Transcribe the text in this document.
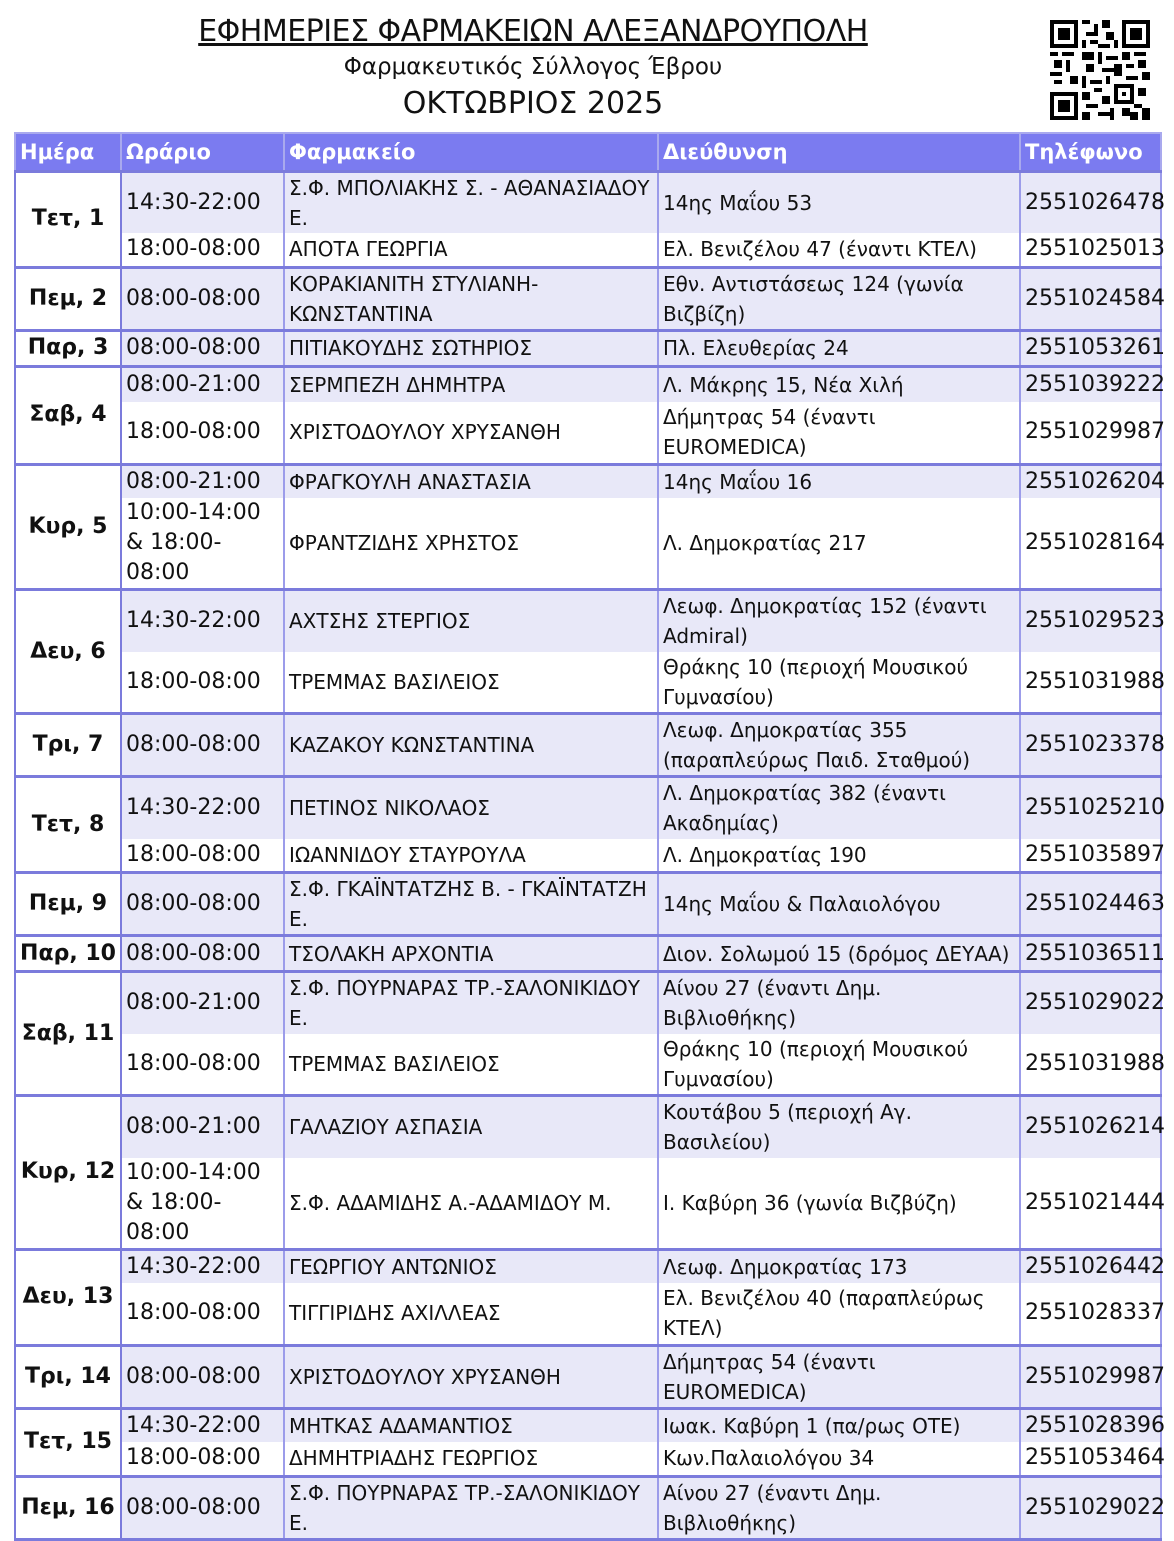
ΕΦΗΜΕΡΙΕΣ ΦΑΡΜΑΚΕΙΩΝ ΑΛΕΞΑΝΔΡΟΥΠΟΛΗ
Φαρμακευτικός Σύλλογος Έβρου
ΟΚΤΩΒΡΙΟΣ 2025
Ημέρα	Ωράριο	Φαρμακείο	Διεύθυνση	Τηλέφωνο
Τετ, 1	14:30-22:00	Σ.Φ. ΜΠΟΛΙΑΚΗΣ Σ. - ΑΘΑΝΑΣΙΑΔΟΥ Ε.	14ης Μαΐου 53	2551026478
	18:00-08:00	ΑΠΟΤΑ ΓΕΩΡΓΙΑ	Ελ. Βενιζέλου 47 (έναντι ΚΤΕΛ)	2551025013
Πεμ, 2	08:00-08:00	ΚΟΡΑΚΙΑΝΙΤΗ ΣΤΥΛΙΑΝΗ-ΚΩΝΣΤΑΝΤΙΝΑ	Εθν. Αντιστάσεως 124 (γωνία Βιζβίζη)	2551024584
Παρ, 3	08:00-08:00	ΠΙΤΙΑΚΟΥΔΗΣ ΣΩΤΗΡΙΟΣ	Πλ. Ελευθερίας 24	2551053261
Σαβ, 4	08:00-21:00	ΣΕΡΜΠΕΖΗ ΔΗΜΗΤΡΑ	Λ. Μάκρης 15, Νέα Χιλή	2551039222
	18:00-08:00	ΧΡΙΣΤΟΔΟΥΛΟΥ ΧΡΥΣΑΝΘΗ	Δήμητρας 54 (έναντι EUROMEDICA)	2551029987
Κυρ, 5	08:00-21:00	ΦΡΑΓΚΟΥΛΗ ΑΝΑΣΤΑΣΙΑ	14ης Μαΐου 16	2551026204
	10:00-14:00 & 18:00-08:00	ΦΡΑΝΤΖΙΔΗΣ ΧΡΗΣΤΟΣ	Λ. Δημοκρατίας 217	2551028164
Δευ, 6	14:30-22:00	ΑΧΤΣΗΣ ΣΤΕΡΓΙΟΣ	Λεωφ. Δημοκρατίας 152 (έναντι Admiral)	2551029523
	18:00-08:00	ΤΡΕΜΜΑΣ ΒΑΣΙΛΕΙΟΣ	Θράκης 10 (περιοχή Μουσικού Γυμνασίου)	2551031988
Τρι, 7	08:00-08:00	ΚΑΖΑΚΟΥ ΚΩΝΣΤΑΝΤΙΝΑ	Λεωφ. Δημοκρατίας 355 (παραπλεύρως Παιδ. Σταθμού)	2551023378
Τετ, 8	14:30-22:00	ΠΕΤΙΝΟΣ ΝΙΚΟΛΑΟΣ	Λ. Δημοκρατίας 382 (έναντι Ακαδημίας)	2551025210
	18:00-08:00	ΙΩΑΝΝΙΔΟΥ ΣΤΑΥΡΟΥΛΑ	Λ. Δημοκρατίας 190	2551035897
Πεμ, 9	08:00-08:00	Σ.Φ. ΓΚΑΪΝΤΑΤΖΗΣ Β. - ΓΚΑΪΝΤΑΤΖΗ Ε.	14ης Μαΐου & Παλαιολόγου	2551024463
Παρ, 10	08:00-08:00	ΤΣΟΛΑΚΗ ΑΡΧΟΝΤΙΑ	Διον. Σολωμού 15 (δρόμος ΔΕΥΑΑ)	2551036511
Σαβ, 11	08:00-21:00	Σ.Φ. ΠΟΥΡΝΑΡΑΣ ΤΡ.-ΣΑΛΟΝΙΚΙΔΟΥ Ε.	Αίνου 27 (έναντι Δημ. Βιβλιοθήκης)	2551029022
	18:00-08:00	ΤΡΕΜΜΑΣ ΒΑΣΙΛΕΙΟΣ	Θράκης 10 (περιοχή Μουσικού Γυμνασίου)	2551031988
Κυρ, 12	08:00-21:00	ΓΑΛΑΖΙΟΥ ΑΣΠΑΣΙΑ	Κουτάβου 5 (περιοχή Αγ. Βασιλείου)	2551026214
	10:00-14:00 & 18:00-08:00	Σ.Φ. ΑΔΑΜΙΔΗΣ Α.-ΑΔΑΜΙΔΟΥ Μ.	Ι. Καβύρη 36 (γωνία Βιζβύζη)	2551021444
Δευ, 13	14:30-22:00	ΓΕΩΡΓΙΟΥ ΑΝΤΩΝΙΟΣ	Λεωφ. Δημοκρατίας 173	2551026442
	18:00-08:00	ΤΙΓΓΙΡΙΔΗΣ ΑΧΙΛΛΕΑΣ	Ελ. Βενιζέλου 40 (παραπλεύρως ΚΤΕΛ)	2551028337
Τρι, 14	08:00-08:00	ΧΡΙΣΤΟΔΟΥΛΟΥ ΧΡΥΣΑΝΘΗ	Δήμητρας 54 (έναντι EUROMEDICA)	2551029987
Τετ, 15	14:30-22:00	ΜΗΤΚΑΣ ΑΔΑΜΑΝΤΙΟΣ	Ιωακ. Καβύρη 1 (πα/ρως ΟΤΕ)	2551028396
	18:00-08:00	ΔΗΜΗΤΡΙΑΔΗΣ ΓΕΩΡΓΙΟΣ	Κων.Παλαιολόγου 34	2551053464
Πεμ, 16	08:00-08:00	Σ.Φ. ΠΟΥΡΝΑΡΑΣ ΤΡ.-ΣΑΛΟΝΙΚΙΔΟΥ Ε.	Αίνου 27 (έναντι Δημ. Βιβλιοθήκης)	2551029022
